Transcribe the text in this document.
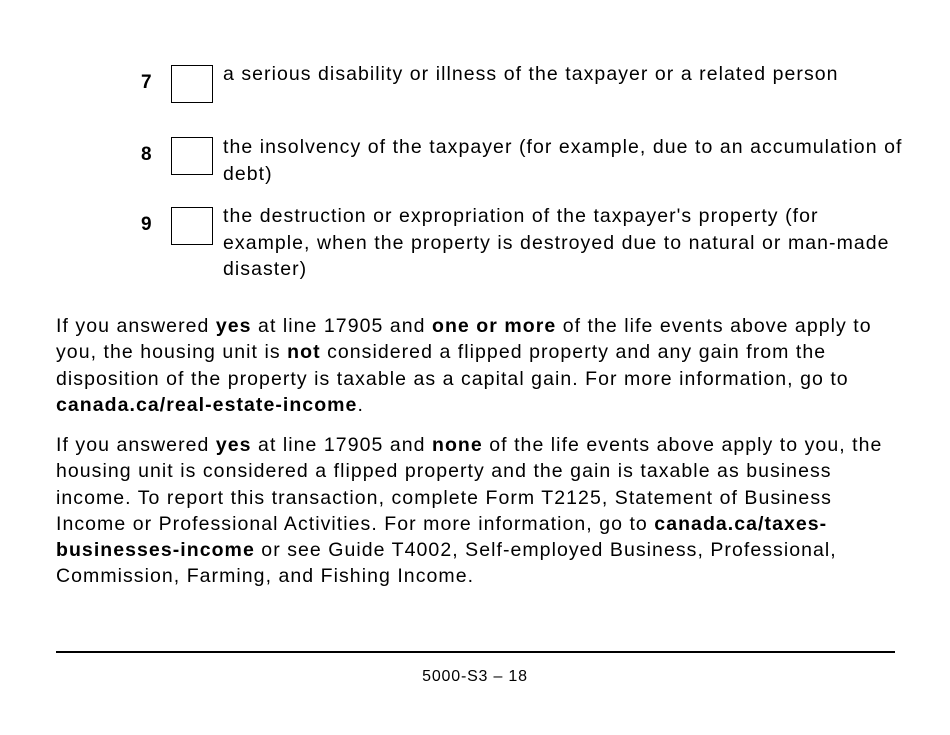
7	a serious disability or illness of the taxpayer or a related person
8	the insolvency of the taxpayer (for example, due to an accumulation of debt)
9	the destruction or expropriation of the taxpayer's property (for example, when the property is destroyed due to natural or man-made disaster)

If you answered yes at line 17905 and one or more of the life events above apply to you, the housing unit is not considered a flipped property and any gain from the disposition of the property is taxable as a capital gain. For more information, go to canada.ca/real-estate-income.

If you answered yes at line 17905 and none of the life events above apply to you, the housing unit is considered a flipped property and the gain is taxable as business income. To report this transaction, complete Form T2125, Statement of Business Income or Professional Activities. For more information, go to canada.ca/taxes-businesses-income or see Guide T4002, Self-employed Business, Professional, Commission, Farming, and Fishing Income.

5000-S3 – 18
